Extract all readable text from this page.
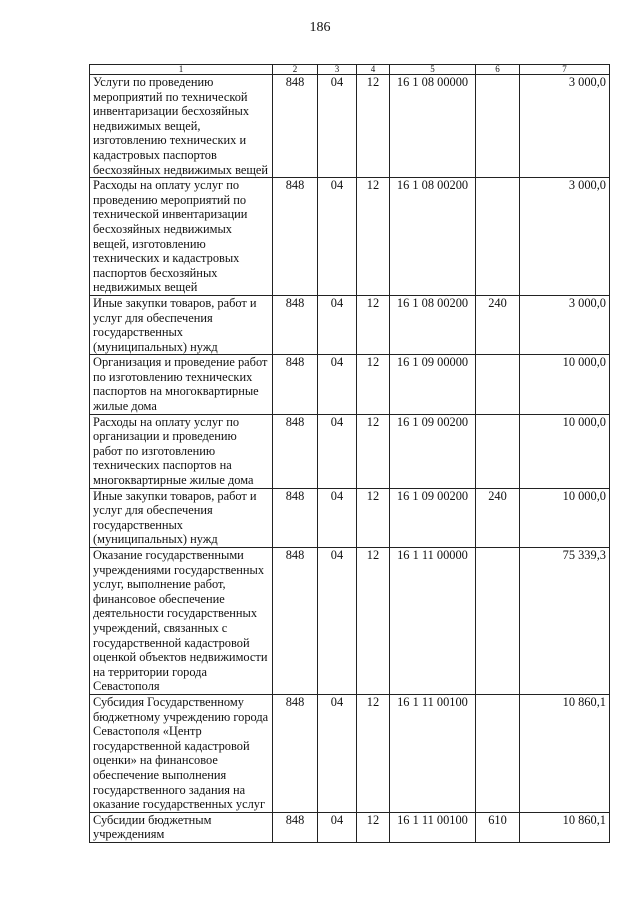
186
1	2	3	4	5	6	7
Услуги по проведению мероприятий по технической инвентаризации бесхозяйных недвижимых вещей, изготовлению технических и кадастровых паспортов бесхозяйных недвижимых вещей	848	04	12	16 1 08 00000		3 000,0
Расходы на оплату услуг по проведению мероприятий по технической инвентаризации бесхозяйных недвижимых вещей, изготовлению технических и кадастровых паспортов бесхозяйных недвижимых вещей	848	04	12	16 1 08 00200		3 000,0
Иные закупки товаров, работ и услуг для обеспечения государственных (муниципальных) нужд	848	04	12	16 1 08 00200	240	3 000,0
Организация и проведение работ по изготовлению технических паспортов на многоквартирные жилые дома	848	04	12	16 1 09 00000		10 000,0
Расходы на оплату услуг по организации и проведению работ по изготовлению технических паспортов на многоквартирные жилые дома	848	04	12	16 1 09 00200		10 000,0
Иные закупки товаров, работ и услуг для обеспечения государственных (муниципальных) нужд	848	04	12	16 1 09 00200	240	10 000,0
Оказание государственными учреждениями государственных услуг, выполнение работ, финансовое обеспечение деятельности государственных учреждений, связанных с государственной кадастровой оценкой объектов недвижимости на территории города Севастополя	848	04	12	16 1 11 00000		75 339,3
Субсидия Государственному бюджетному учреждению города Севастополя «Центр государственной кадастровой оценки» на финансовое обеспечение выполнения государственного задания на оказание государственных услуг	848	04	12	16 1 11 00100		10 860,1
Субсидии бюджетным учреждениям	848	04	12	16 1 11 00100	610	10 860,1
